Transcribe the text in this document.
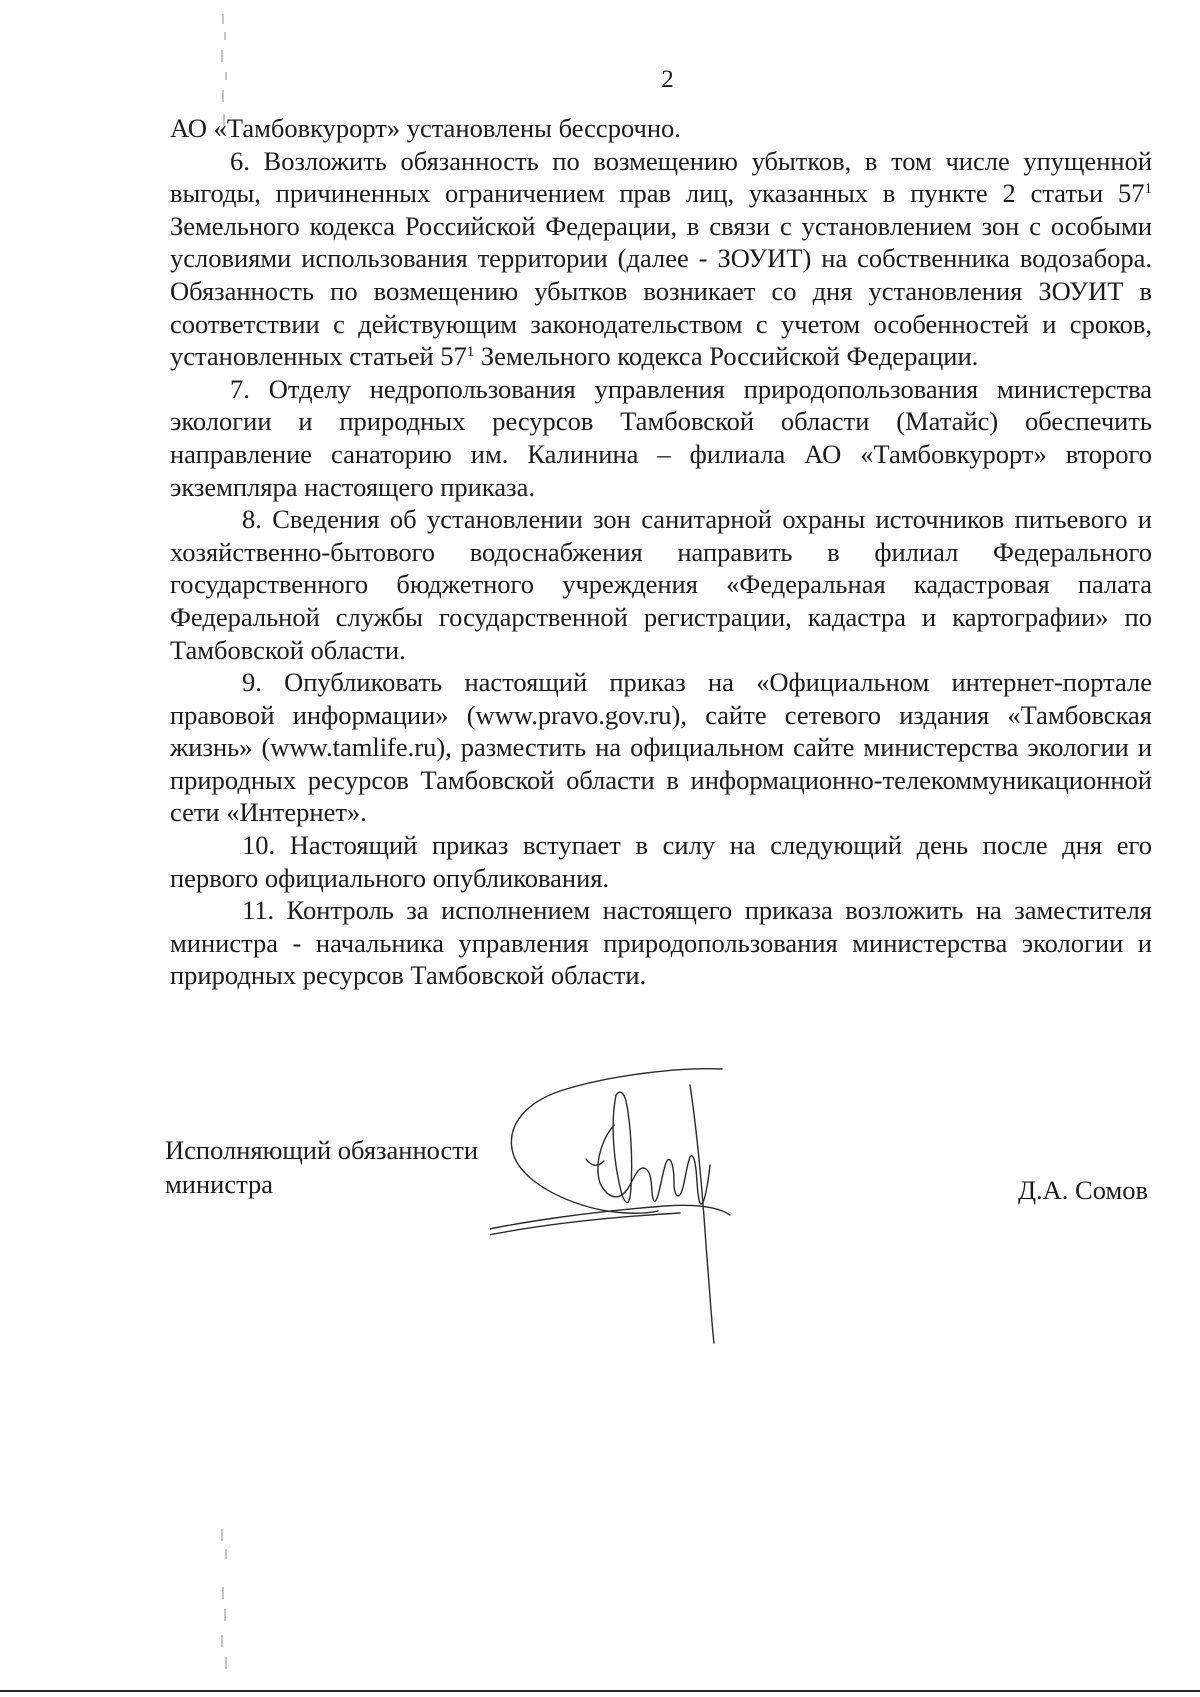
2

АО «Тамбовкурорт» установлены бессрочно.

6. Возложить обязанность по возмещению убытков, в том числе упущенной выгоды, причиненных ограничением прав лиц, указанных в пункте 2 статьи $57^1$ Земельного кодекса Российской Федерации, в связи с установлением зон с особыми условиями использования территории (далее - ЗОУИТ) на собственника водозабора. Обязанность по возмещению убытков возникает со дня установления ЗОУИТ в соответствии с действующим законодательством с учетом особенностей и сроков, установленных статьей $57^1$ Земельного кодекса Российской Федерации.

7. Отделу недропользования управления природопользования министерства экологии и природных ресурсов Тамбовской области (Матайс) обеспечить направление санаторию им. Калинина – филиала АО «Тамбовкурорт» второго экземпляра настоящего приказа.

8. Сведения об установлении зон санитарной охраны источников питьевого и хозяйственно-бытового водоснабжения направить в филиал Федерального государственного бюджетного учреждения «Федеральная кадастровая палата Федеральной службы государственной регистрации, кадастра и картографии» по Тамбовской области.

9. Опубликовать настоящий приказ на «Официальном интернет-портале правовой информации» (www.pravo.gov.ru), сайте сетевого издания «Тамбовская жизнь» (www.tamlife.ru), разместить на официальном сайте министерства экологии и природных ресурсов Тамбовской области в информационно-телекоммуникационной сети «Интернет».

10. Настоящий приказ вступает в силу на следующий день после дня его первого официального опубликования.

11. Контроль за исполнением настоящего приказа возложить на заместителя министра - начальника управления природопользования министерства экологии и природных ресурсов Тамбовской области.

Исполняющий обязанности
министра	Д.А. Сомов
